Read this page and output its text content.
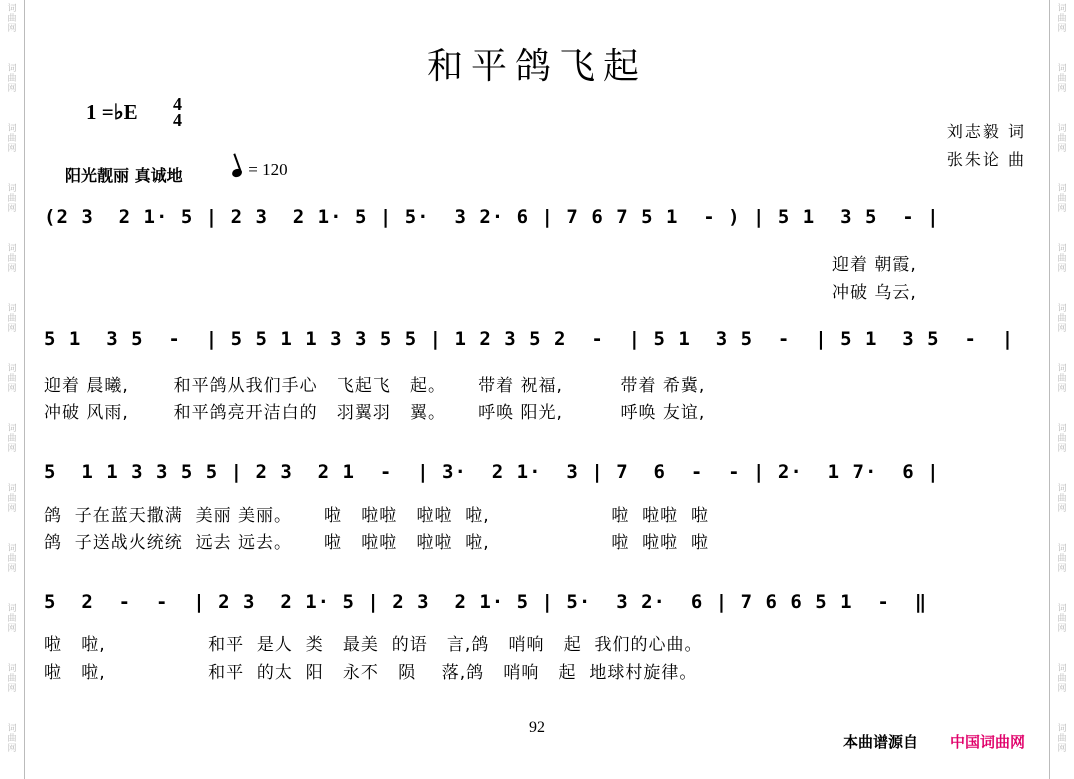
词
曲
网
词
曲
网
词
曲
网
词
曲
网
词
曲
网
词
曲
网
词
曲
网
词
曲
网
词
曲
网
词
曲
网
词
曲
网
词
曲
网
词
曲
网
词
曲
网
词
曲
网
词
曲
网
词
曲
网
词
曲
网
词
曲
网
词
曲
网
词
曲
网
词
曲
网
词
曲
网
词
曲
网
词
曲
网
词
曲
网
和平鸽飞起
1 =♭E 4
4
阳光靓丽 真诚地	= 120
刘志毅 词
张朱论 曲
(2 3  2 1· 5 | 2 3  2 1· 5 | 5·  3 2· 6 | 7 6 7 5 1  - ) | 5 1  3 5  - |
迎着 朝霞,
冲破 乌云,
5 1  3 5  -  | 5 5 1 1 3 3 5 5 | 1 2 3 5 2  -  | 5 1  3 5  -  | 5 1  3 5  -  |
迎着 晨曦,       和平鸽从我们手心   飞起飞   起。     带着 祝福,         带着 希冀,
冲破 风雨,       和平鸽亮开洁白的   羽翼羽   翼。     呼唤 阳光,         呼唤 友谊,
5  1 1 3 3 5 5 | 2 3  2 1  -  | 3·  2 1·  3 | 7  6  -  - | 2·  1 7·  6 |
鸽  子在蓝天撒满  美丽 美丽。     啦   啦啦   啦啦  啦,                   啦  啦啦  啦
鸽  子送战火统统  远去 远去。     啦   啦啦   啦啦  啦,                   啦  啦啦  啦
5  2  -  -  | 2 3  2 1· 5 | 2 3  2 1· 5 | 5·  3 2·  6 | 7 6 6 5 1  -  ‖
啦   啦,                和平  是人  类   最美  的语   言,鸽   哨响   起  我们的心曲。
啦   啦,                和平  的太  阳   永不   陨    落,鸽   哨响   起  地球村旋律。
92
本曲谱源自 中国词曲网
